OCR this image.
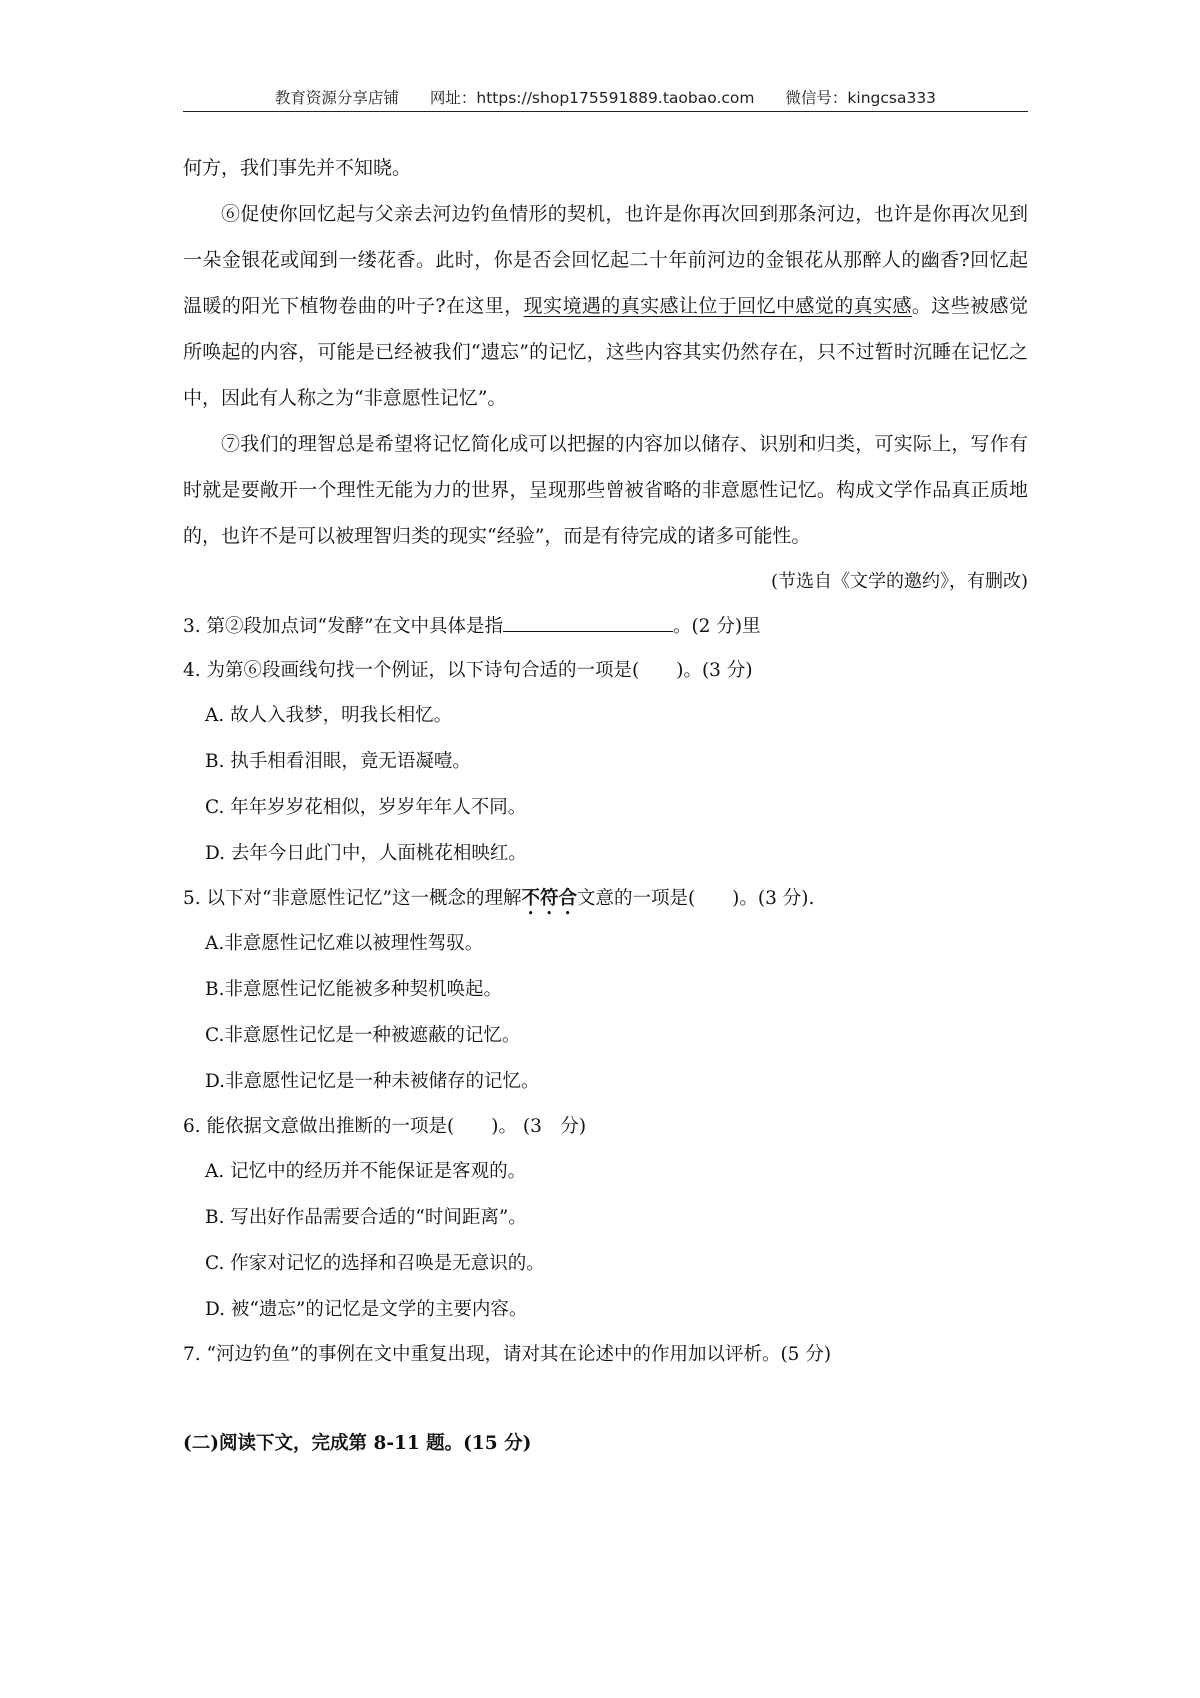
教育资源分享店铺 网址：https://shop175591889.taobao.com 微信号：kingcsa333

何方，我们事先并不知晓。

⑥促使你回忆起与父亲去河边钓鱼情形的契机，也许是你再次回到那条河边，也许是你再次见到一朵金银花或闻到一缕花香。此时，你是否会回忆起二十年前河边的金银花从那醉人的幽香?回忆起温暖的阳光下植物卷曲的叶子?在这里，现实境遇的真实感让位于回忆中感觉的真实感。这些被感觉所唤起的内容，可能是已经被我们“遗忘”的记忆，这些内容其实仍然存在，只不过暂时沉睡在记忆之中，因此有人称之为“非意愿性记忆”。

⑦我们的理智总是希望将记忆简化成可以把握的内容加以储存、识别和归类，可实际上，写作有时就是要敞开一个理性无能为力的世界，呈现那些曾被省略的非意愿性记忆。构成文学作品真正质地的，也许不是可以被理智归类的现实“经验”，而是有待完成的诸多可能性。

(节选自《文学的邀约》，有删改)

3. 第②段加点词“发酵”在文中具体是指	。(2 分)里

4. 为第⑥段画线句找一个例证，以下诗句合适的一项是(　　)。(3 分)

A. 故人入我梦，明我长相忆。

B. 执手相看泪眼，竟无语凝噎。

C. 年年岁岁花相似，岁岁年年人不同。

D. 去年今日此门中，人面桃花相映红。

5. 以下对“非意愿性记忆”这一概念的理解不符合文意的一项是(　　)。(3 分).

A.非意愿性记忆难以被理性驾驭。

B.非意愿性记忆能被多种契机唤起。

C.非意愿性记忆是一种被遮蔽的记忆。

D.非意愿性记忆是一种未被储存的记忆。

6. 能依据文意做出推断的一项是(　　)。 (3　分)

A. 记忆中的经历并不能保证是客观的。

B. 写出好作品需要合适的“时间距离”。

C. 作家对记忆的选择和召唤是无意识的。

D. 被“遗忘”的记忆是文学的主要内容。

7. “河边钓鱼”的事例在文中重复出现，请对其在论述中的作用加以评析。(5 分)

(二)阅读下文，完成第 8-11 题。(15 分)
